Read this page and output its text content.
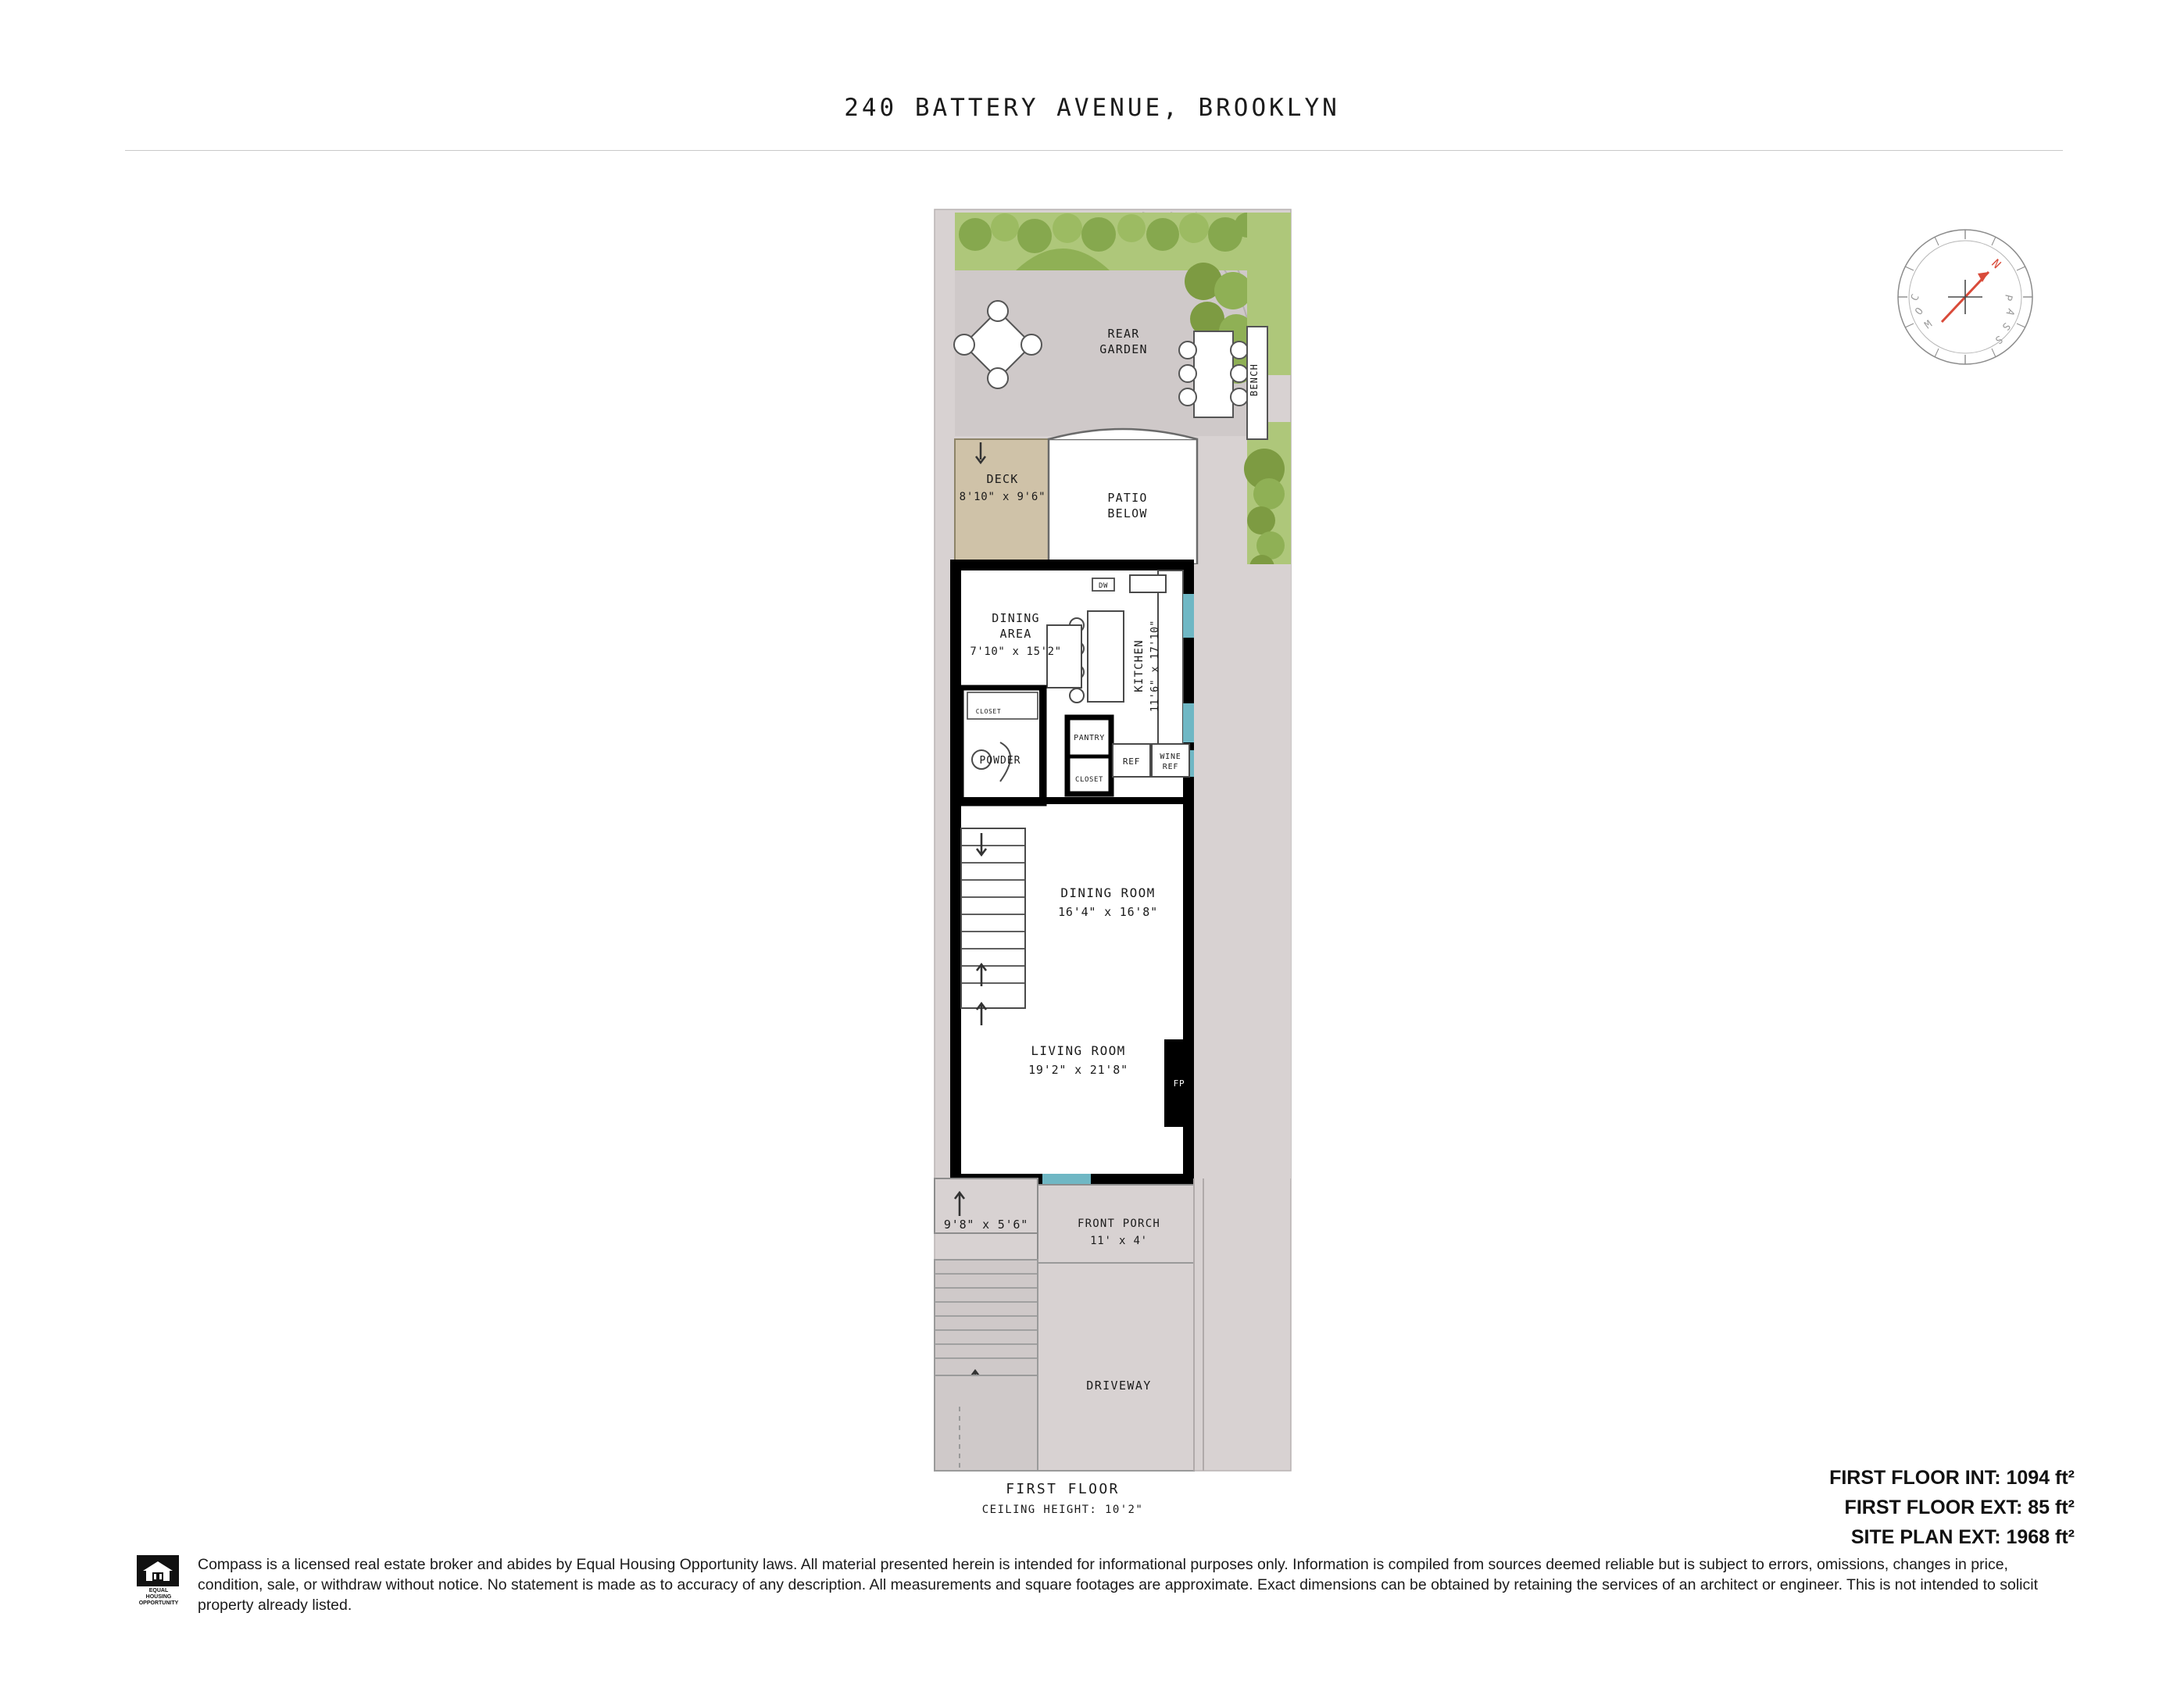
240 BATTERY AVENUE, BROOKLYN
REAR
GARDEN
BENCH
DECK
8'10" x 9'6"	PATIO
BELOW
DINING
AREA
7'10" x 15'2"	KITCHEN 11'6" x 17'10"
POWDER
CLOSET
PANTRY
CLOSET
REF	WINE
REF
DW
DINING ROOM
16'4" x 16'8"
LIVING ROOM
19'2" x 21'8"
FP
9'8" x 5'6"	FRONT PORCH
11' x 4'
DRIVEWAY
N
C
O
M
P
A
S
S
FIRST FLOOR
CEILING HEIGHT: 10'2"
FIRST FLOOR INT: 1094 ft²
FIRST FLOOR EXT: 85 ft²
SITE PLAN EXT: 1968 ft²
EQUAL HOUSING
OPPORTUNITY
Compass is a licensed real estate broker and abides by Equal Housing Opportunity laws. All material presented herein is intended for informational purposes only. Information is compiled from sources deemed reliable but is subject to errors, omissions, changes in price, condition, sale, or withdraw without notice. No statement is made as to accuracy of any description. All measurements and square footages are approximate. Exact dimensions can be obtained by retaining the services of an architect or engineer. This is not intended to solicit property already listed.
